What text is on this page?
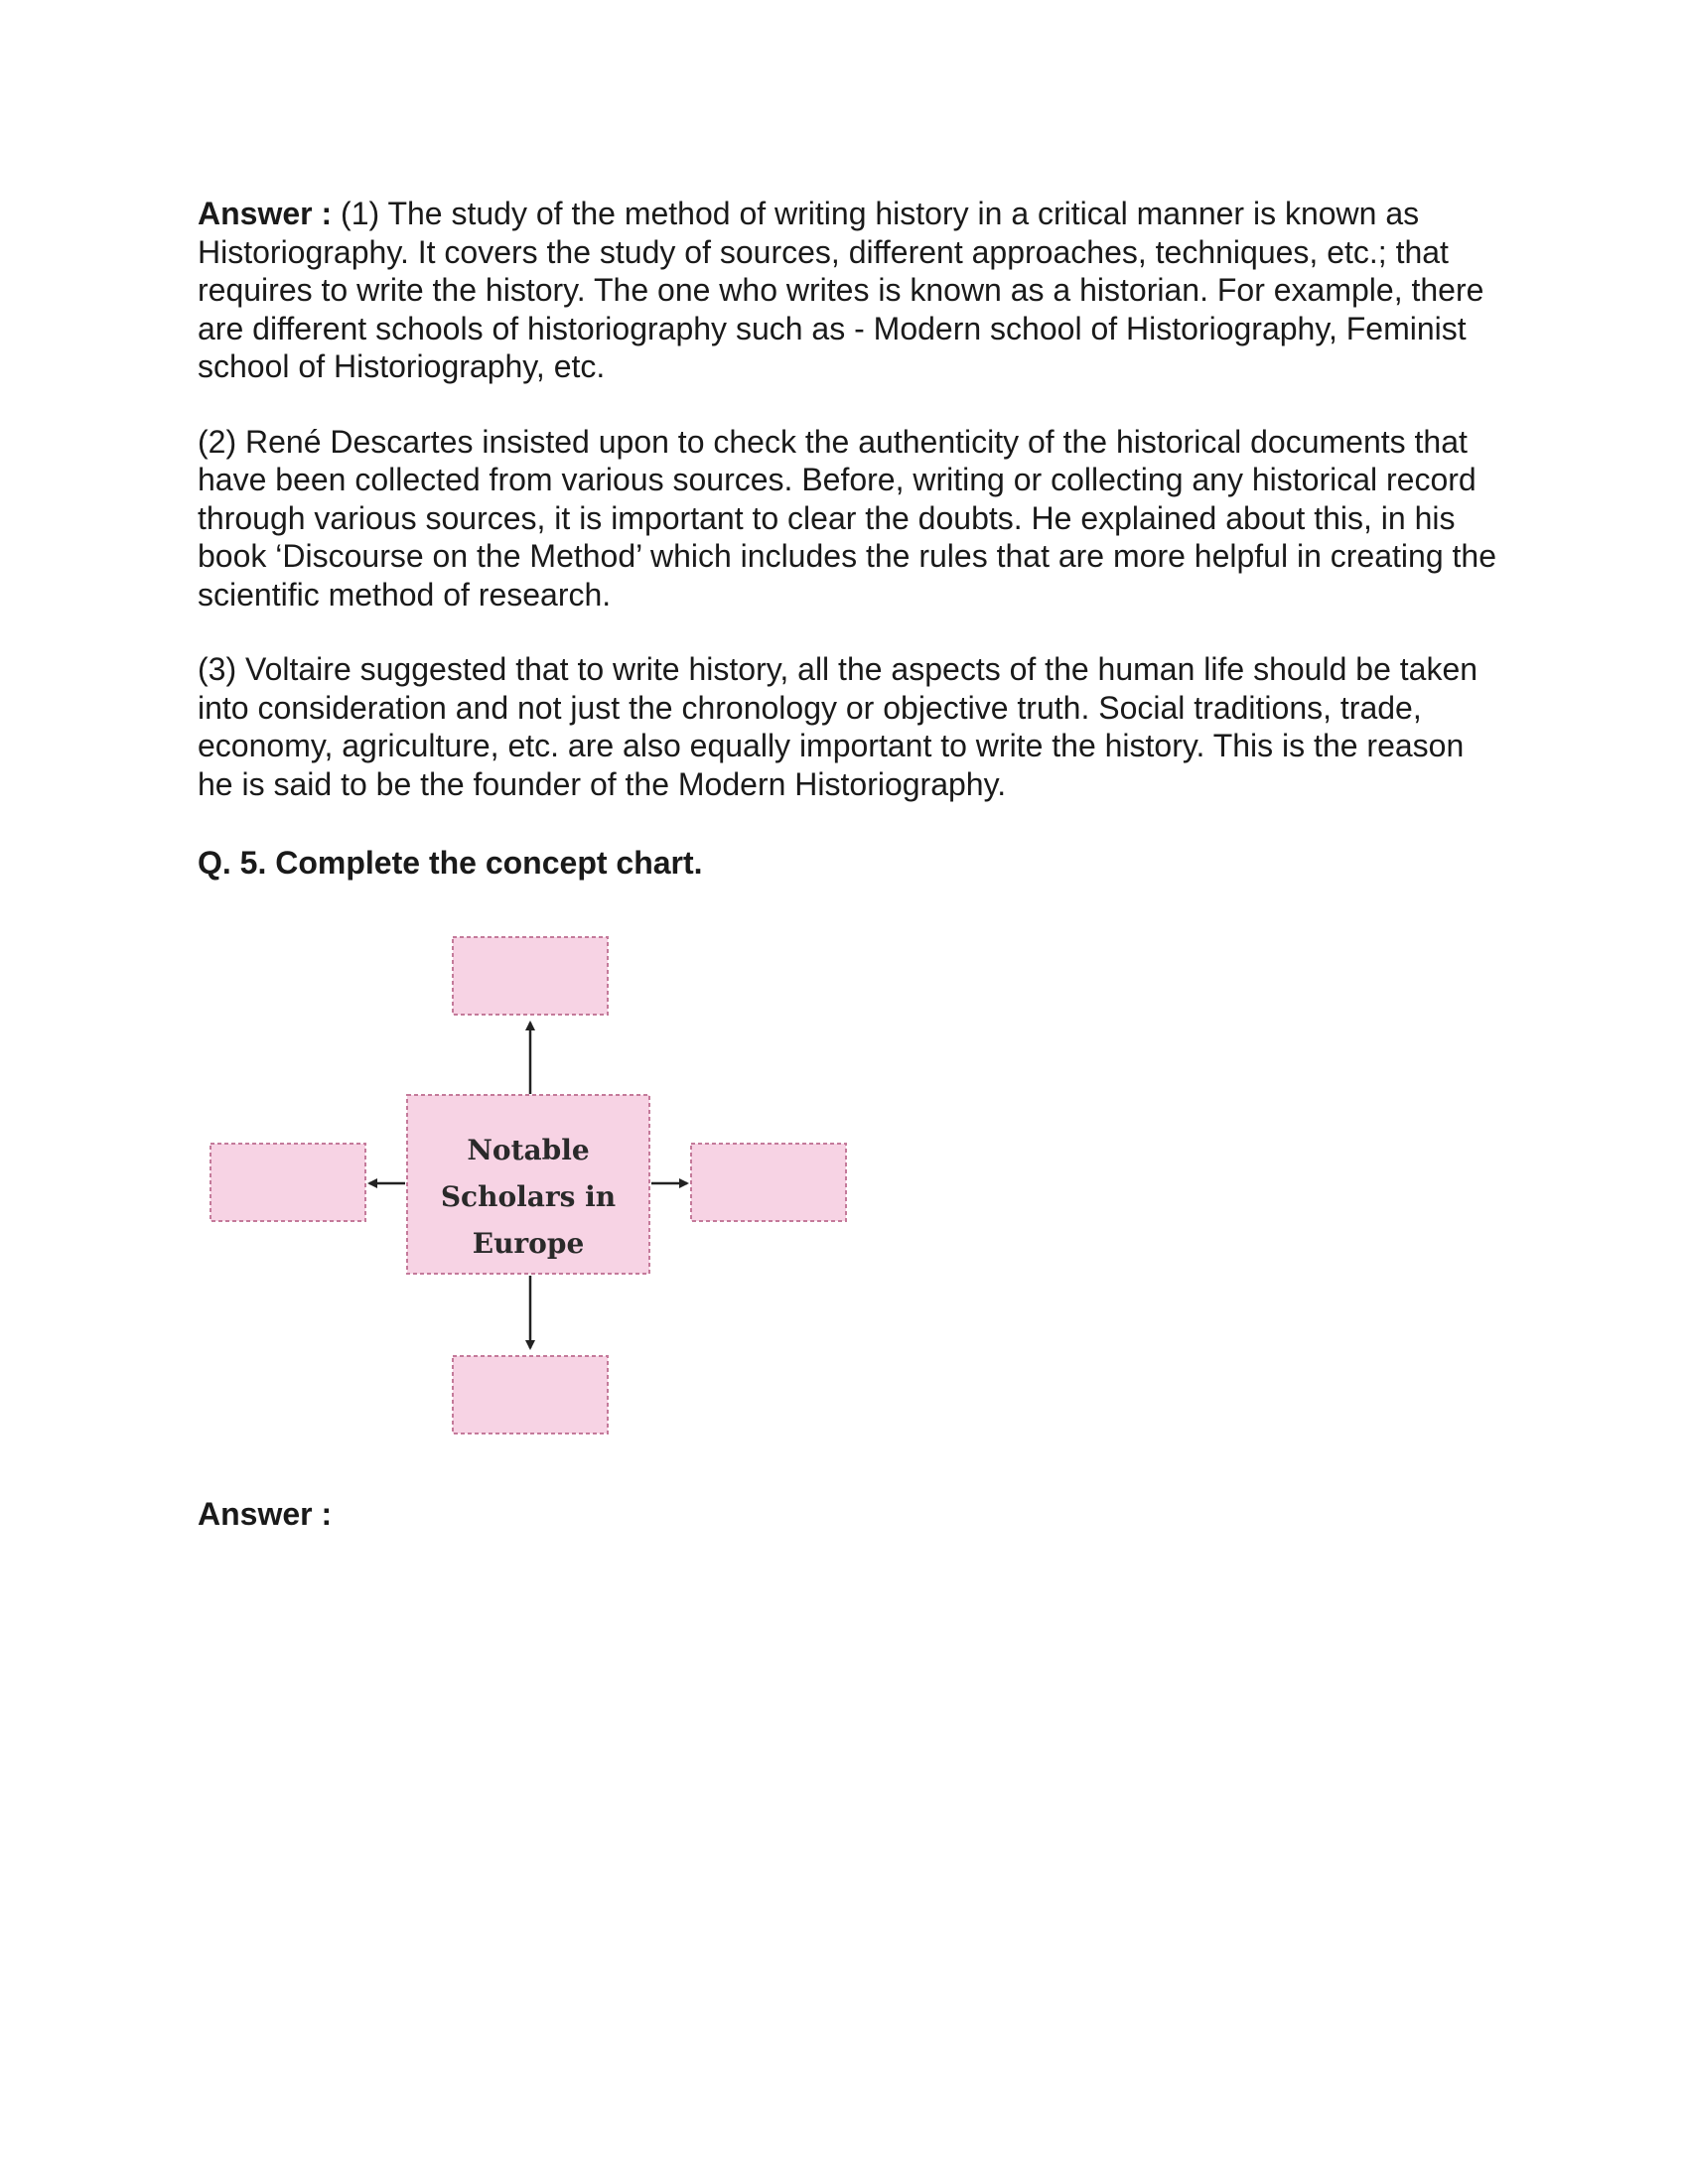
Answer : (1) The study of the method of writing history in a critical manner is known as Historiography. It covers the study of sources, different approaches, techniques, etc.; that requires to write the history. The one who writes is known as a historian. For example, there are different schools of historiography such as - Modern school of Historiography, Feminist school of Historiography, etc.

(2) René Descartes insisted upon to check the authenticity of the historical documents that have been collected from various sources. Before, writing or collecting any historical record through various sources, it is important to clear the doubts. He explained about this, in his book ‘Discourse on the Method’ which includes the rules that are more helpful in creating the scientific method of research.

(3) Voltaire suggested that to write history, all the aspects of the human life should be taken into consideration and not just the chronology or objective truth. Social traditions, trade, economy, agriculture, etc. are also equally important to write the history. This is the reason he is said to be the founder of the Modern Historiography.

Q. 5. Complete the concept chart.

Notable
Scholars in
Europe

Answer :
